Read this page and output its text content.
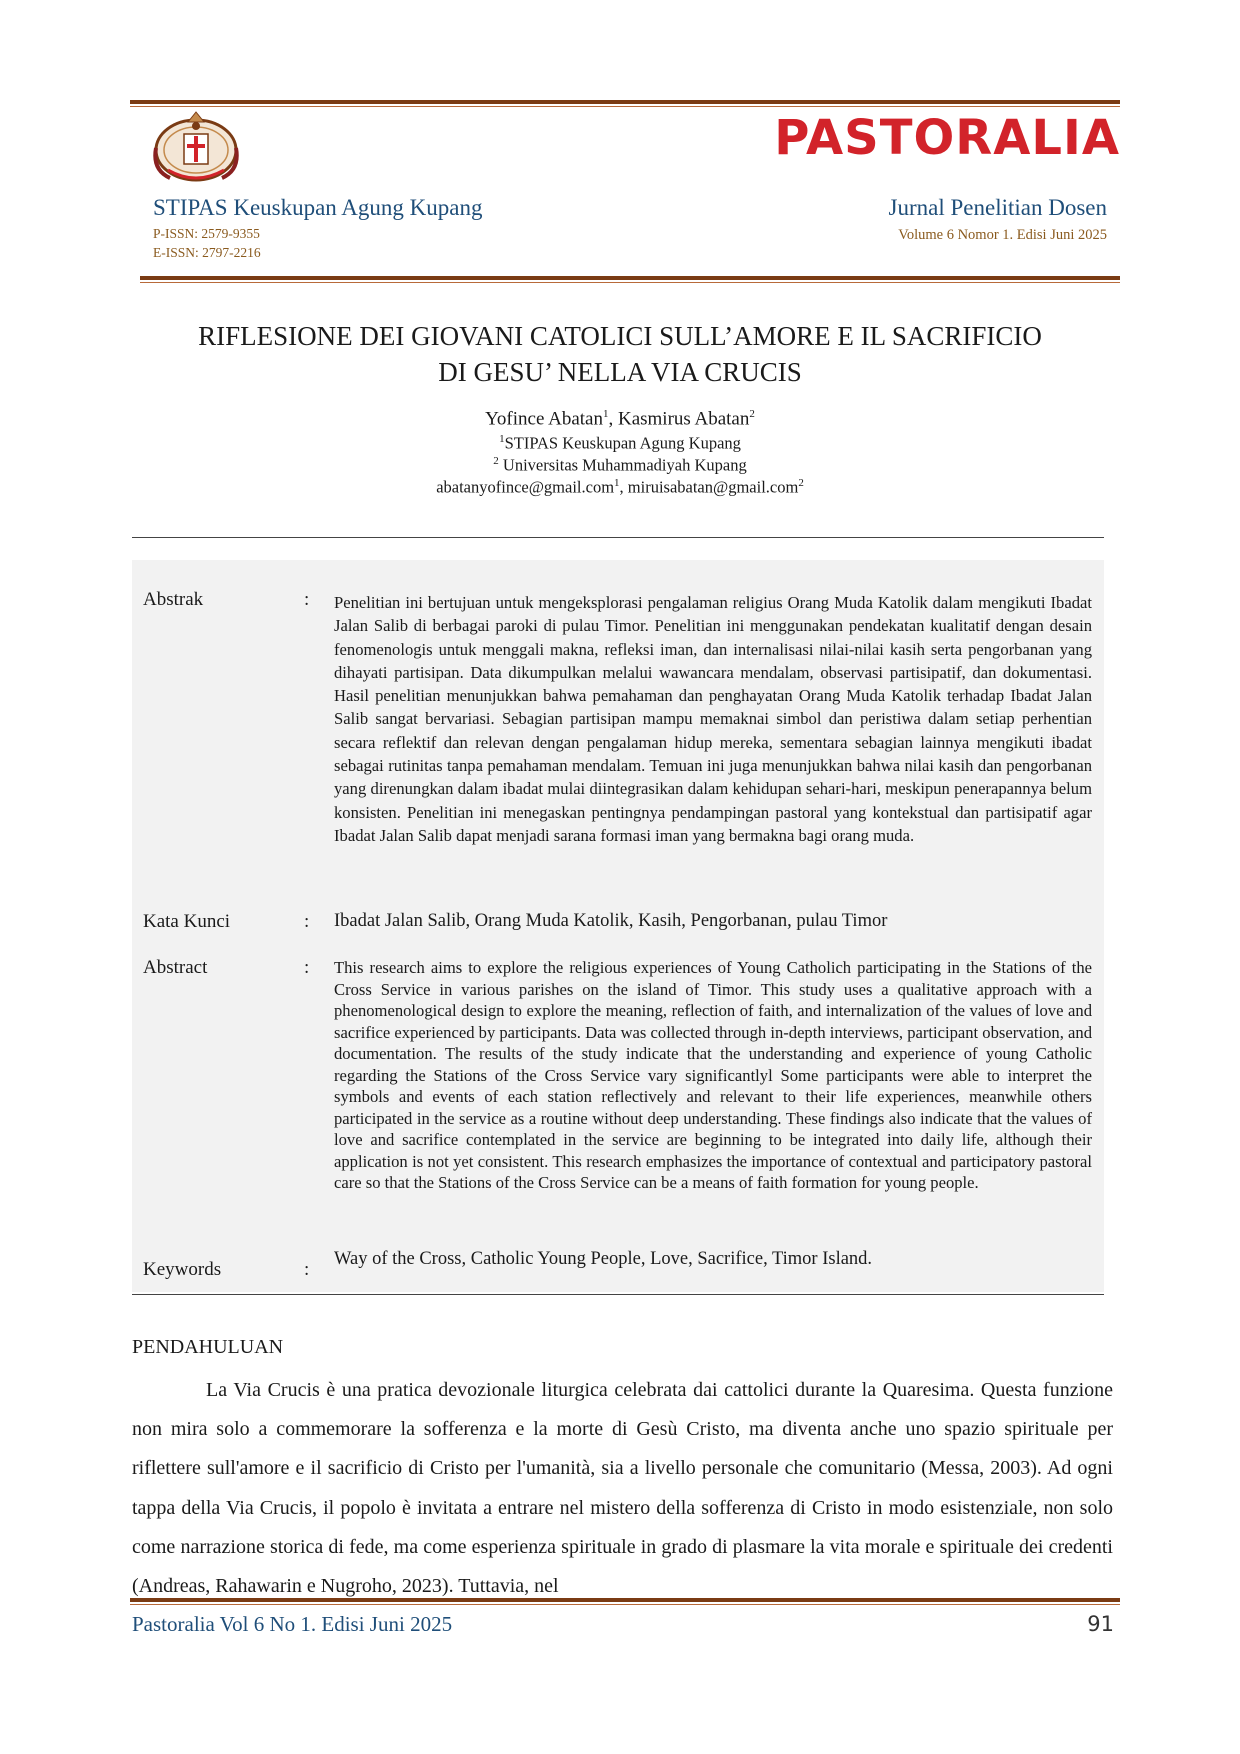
PASTORALIA
STIPAS Keuskupan Agung Kupang
P-ISSN: 2579-9355
E-ISSN: 2797-2216
Jurnal Penelitian Dosen
Volume 6 Nomor 1. Edisi Juni 2025
RIFLESIONE DEI GIOVANI CATOLICI SULL’AMORE E IL SACRIFICIO
DI GESU’ NELLA VIA CRUCIS
Yofince Abatan$^1$, Kasmirus Abatan$^2$
$^1$STIPAS Keuskupan Agung Kupang
$^2$ Universitas Muhammadiyah Kupang
abatanyofince@gmail.com$^1$, miruisabatan@gmail.com$^2$
Abstrak	: Penelitian ini bertujuan untuk mengeksplorasi pengalaman religius Orang Muda Katolik dalam mengikuti Ibadat Jalan Salib di berbagai paroki di pulau Timor. Penelitian ini menggunakan pendekatan kualitatif dengan desain fenomenologis untuk menggali makna, refleksi iman, dan internalisasi nilai-nilai kasih serta pengorbanan yang dihayati partisipan. Data dikumpulkan melalui wawancara mendalam, observasi partisipatif, dan dokumentasi. Hasil penelitian menunjukkan bahwa pemahaman dan penghayatan Orang Muda Katolik terhadap Ibadat Jalan Salib sangat bervariasi. Sebagian partisipan mampu memaknai simbol dan peristiwa dalam setiap perhentian secara reflektif dan relevan dengan pengalaman hidup mereka, sementara sebagian lainnya mengikuti ibadat sebagai rutinitas tanpa pemahaman mendalam. Temuan ini juga menunjukkan bahwa nilai kasih dan pengorbanan yang direnungkan dalam ibadat mulai diintegrasikan dalam kehidupan sehari-hari, meskipun penerapannya belum konsisten. Penelitian ini menegaskan pentingnya pendampingan pastoral yang kontekstual dan partisipatif agar Ibadat Jalan Salib dapat menjadi sarana formasi iman yang bermakna bagi orang muda.
Kata Kunci	: Ibadat Jalan Salib, Orang Muda Katolik, Kasih, Pengorbanan, pulau Timor
Abstract	: This research aims to explore the religious experiences of Young Catholich participating in the Stations of the Cross Service in various parishes on the island of Timor. This study uses a qualitative approach with a phenomenological design to explore the meaning, reflection of faith, and internalization of the values of love and sacrifice experienced by participants. Data was collected through in-depth interviews, participant observation, and documentation. The results of the study indicate that the understanding and experience of young Catholic regarding the Stations of the Cross Service vary significantlyl Some participants were able to interpret the symbols and events of each station reflectively and relevant to their life experiences, meanwhile others participated in the service as a routine without deep understanding. These findings also indicate that the values of love and sacrifice contemplated in the service are beginning to be integrated into daily life, although their application is not yet consistent. This research emphasizes the importance of contextual and participatory pastoral care so that the Stations of the Cross Service can be a means of faith formation for young people.
Keywords	: Way of the Cross, Catholic Young People, Love, Sacrifice, Timor Island.
PENDAHULUAN
La Via Crucis è una pratica devozionale liturgica celebrata dai cattolici durante la Quaresima. Questa funzione non mira solo a commemorare la sofferenza e la morte di Gesù Cristo, ma diventa anche uno spazio spirituale per riflettere sull'amore e il sacrificio di Cristo per l'umanità, sia a livello personale che comunitario (Messa, 2003). Ad ogni tappa della Via Crucis, il popolo è invitata a entrare nel mistero della sofferenza di Cristo in modo esistenziale, non solo come narrazione storica di fede, ma come esperienza spirituale in grado di plasmare la vita morale e spirituale dei credenti (Andreas, Rahawarin e Nugroho, 2023). Tuttavia, nel
Pastoralia Vol 6 No 1. Edisi Juni 2025	91
